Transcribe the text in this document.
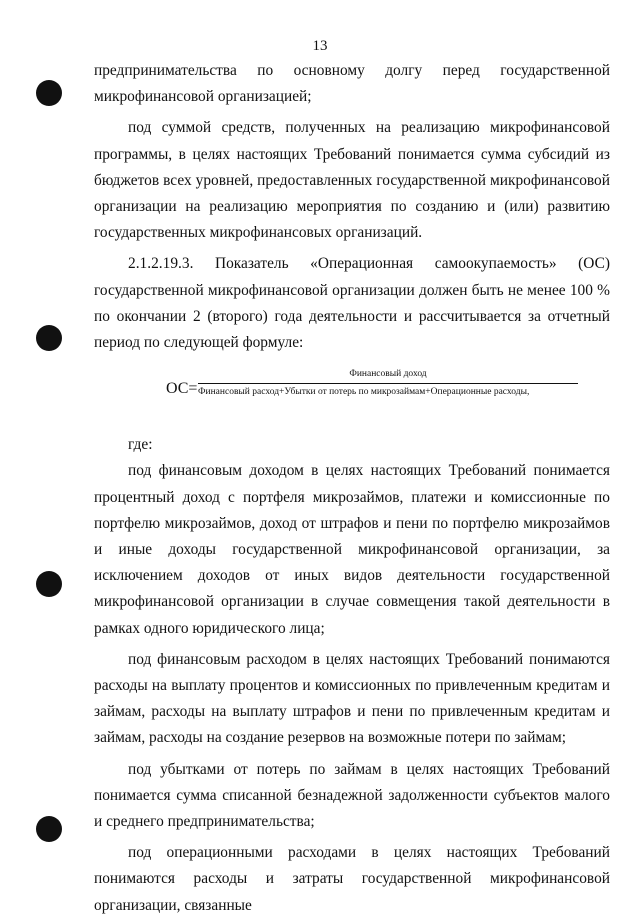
13

предпринимательства по основному долгу перед государственной микрофинансовой организацией;

под суммой средств, полученных на реализацию микрофинансовой программы, в целях настоящих Требований понимается сумма субсидий из бюджетов всех уровней, предоставленных государственной микрофинансовой организации на реализацию мероприятия по созданию и (или) развитию государственных микрофинансовых организаций.

2.1.2.19.3. Показатель «Операционная самоокупаемость» (ОС) государственной микрофинансовой организации должен быть не менее 100 % по окончании 2 (второго) года деятельности и рассчитывается за отчетный период по следующей формуле:

ОС=
Финансовый доход
Финансовый расход+Убытки от потерь по микрозаймам+Операционные расходы,

где:

под финансовым доходом в целях настоящих Требований понимается процентный доход с портфеля микрозаймов, платежи и комиссионные по портфелю микрозаймов, доход от штрафов и пени по портфелю микрозаймов и иные доходы государственной микрофинансовой организации, за исключением доходов от иных видов деятельности государственной микрофинансовой организации в случае совмещения такой деятельности в рамках одного юридического лица;

под финансовым расходом в целях настоящих Требований понимаются расходы на выплату процентов и комиссионных по привлеченным кредитам и займам, расходы на выплату штрафов и пени по привлеченным кредитам и займам, расходы на создание резервов на возможные потери по займам;

под убытками от потерь по займам в целях настоящих Требований понимается сумма списанной безнадежной задолженности субъектов малого и среднего предпринимательства;

под операционными расходами в целях настоящих Требований понимаются расходы и затраты государственной микрофинансовой организации, связанные
